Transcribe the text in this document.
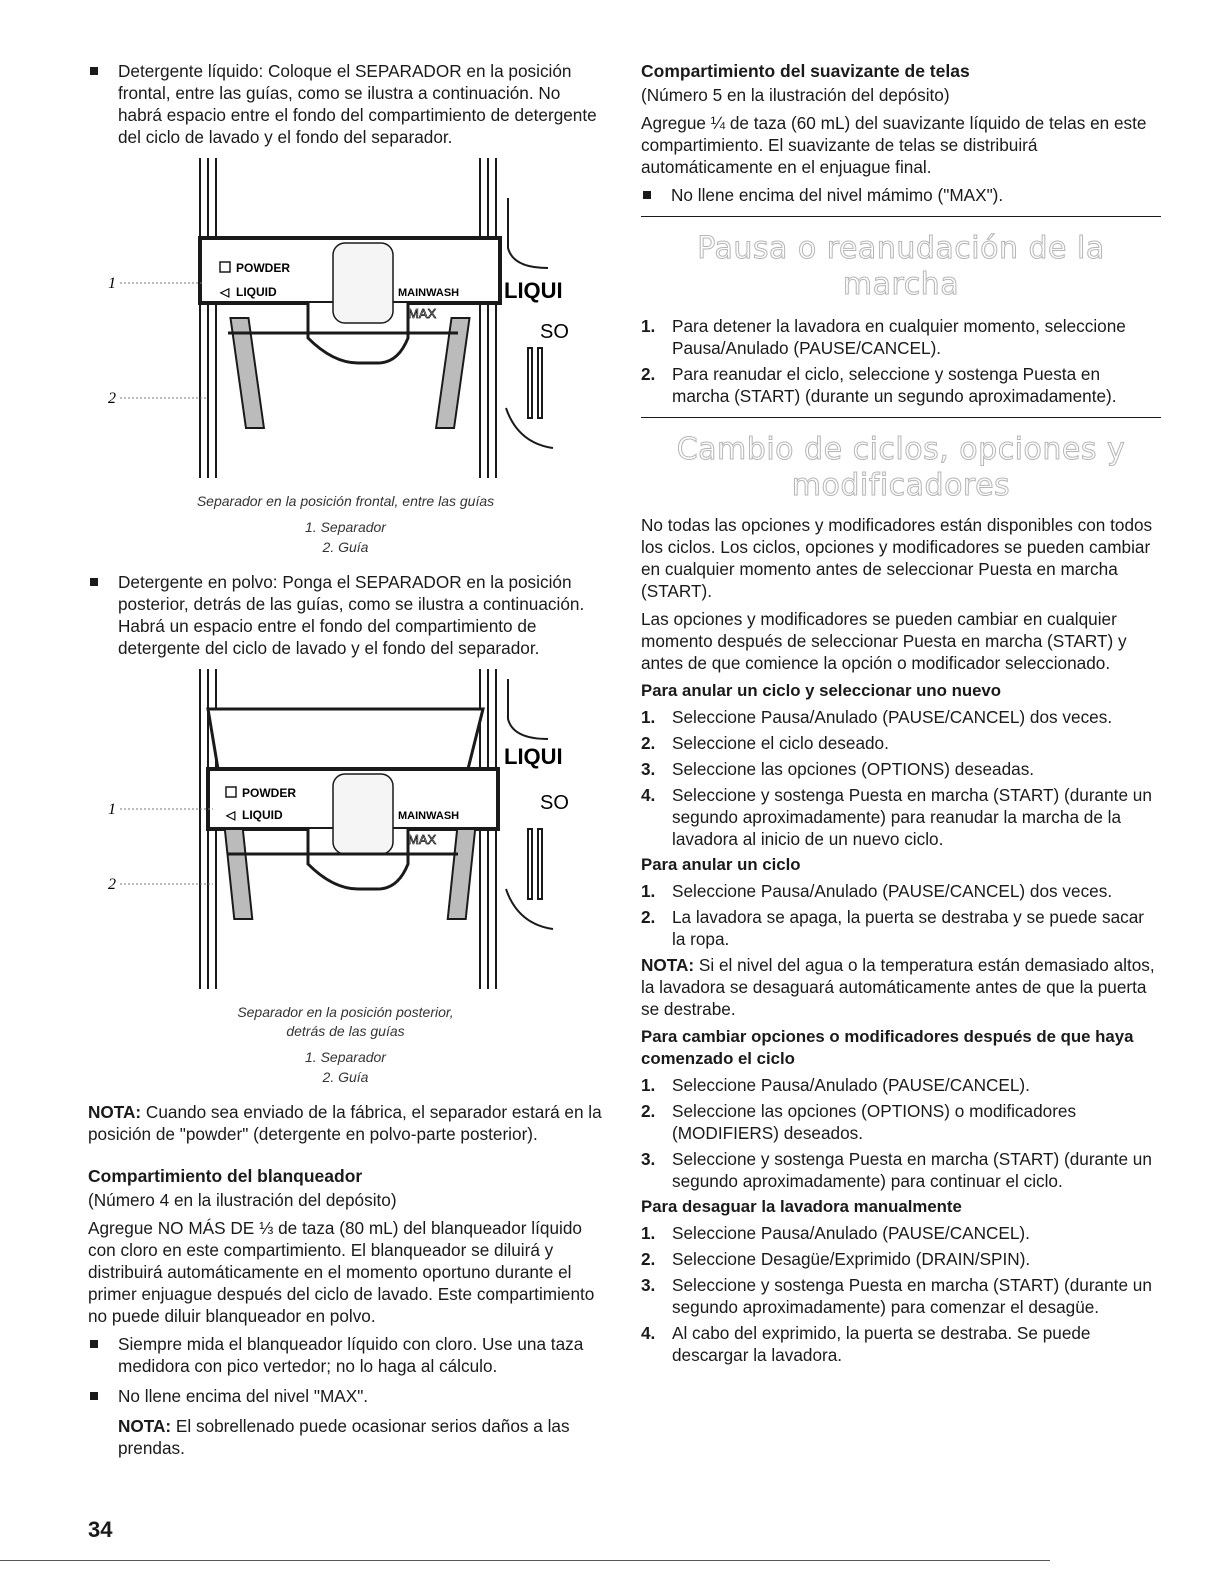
Detergente líquido: Coloque el SEPARADOR en la posición frontal, entre las guías, como se ilustra a continuación. No habrá espacio entre el fondo del compartimiento de detergente del ciclo de lavado y el fondo del separador.

POWDER
◁ LIQUID	MAINWASH
MAX
LIQUI
SO
1
2
Separador en la posición frontal, entre las guías
1. Separador
2. Guía

Detergente en polvo: Ponga el SEPARADOR en la posición posterior, detrás de las guías, como se ilustra a continuación. Habrá un espacio entre el fondo del compartimiento de detergente del ciclo de lavado y el fondo del separador.

POWDER
◁ LIQUID	MAINWASH
MAX
LIQUI
SO
1
2
Separador en la posición posterior,
detrás de las guías
1. Separador
2. Guía

NOTA: Cuando sea enviado de la fábrica, el separador estará en la posición de "powder" (detergente en polvo-parte posterior).

Compartimiento del blanqueador

(Número 4 en la ilustración del depósito)

Agregue NO MÁS DE ⅓ de taza (80 mL) del blanqueador líquido con cloro en este compartimiento. El blanqueador se diluirá y distribuirá automáticamente en el momento oportuno durante el primer enjuague después del ciclo de lavado. Este compartimiento no puede diluir blanqueador en polvo.

Siempre mida el blanqueador líquido con cloro. Use una taza medidora con pico vertedor; no lo haga al cálculo.

No llene encima del nivel "MAX".

NOTA: El sobrellenado puede ocasionar serios daños a las prendas.

Compartimiento del suavizante de telas

(Número 5 en la ilustración del depósito)

Agregue ¼ de taza (60 mL) del suavizante líquido de telas en este compartimiento. El suavizante de telas se distribuirá automáticamente en el enjuague final.

No llene encima del nivel mámimo ("MAX").

Pausa o reanudación de la marcha
1. Para detener la lavadora en cualquier momento, seleccione Pausa/Anulado (PAUSE/CANCEL).
2. Para reanudar el ciclo, seleccione y sostenga Puesta en marcha (START) (durante un segundo aproximadamente).
Cambio de ciclos, opciones y
modificadores

No todas las opciones y modificadores están disponibles con todos los ciclos. Los ciclos, opciones y modificadores se pueden cambiar en cualquier momento antes de seleccionar Puesta en marcha (START).

Las opciones y modificadores se pueden cambiar en cualquier momento después de seleccionar Puesta en marcha (START) y antes de que comience la opción o modificador seleccionado.

Para anular un ciclo y seleccionar uno nuevo
1. Seleccione Pausa/Anulado (PAUSE/CANCEL) dos veces.
2. Seleccione el ciclo deseado.
3. Seleccione las opciones (OPTIONS) deseadas.
4. Seleccione y sostenga Puesta en marcha (START) (durante un segundo aproximadamente) para reanudar la marcha de la lavadora al inicio de un nuevo ciclo.
Para anular un ciclo
1. Seleccione Pausa/Anulado (PAUSE/CANCEL) dos veces.
2. La lavadora se apaga, la puerta se destraba y se puede sacar la ropa.

NOTA: Si el nivel del agua o la temperatura están demasiado altos, la lavadora se desaguará automáticamente antes de que la puerta se destrabe.

Para cambiar opciones o modificadores después de que haya comenzado el ciclo
1. Seleccione Pausa/Anulado (PAUSE/CANCEL).
2. Seleccione las opciones (OPTIONS) o modificadores (MODIFIERS) deseados.
3. Seleccione y sostenga Puesta en marcha (START) (durante un segundo aproximadamente) para continuar el ciclo.
Para desaguar la lavadora manualmente
1. Seleccione Pausa/Anulado (PAUSE/CANCEL).
2. Seleccione Desagüe/Exprimido (DRAIN/SPIN).
3. Seleccione y sostenga Puesta en marcha (START) (durante un segundo aproximadamente) para comenzar el desagüe.
4. Al cabo del exprimido, la puerta se destraba. Se puede descargar la lavadora.
34
